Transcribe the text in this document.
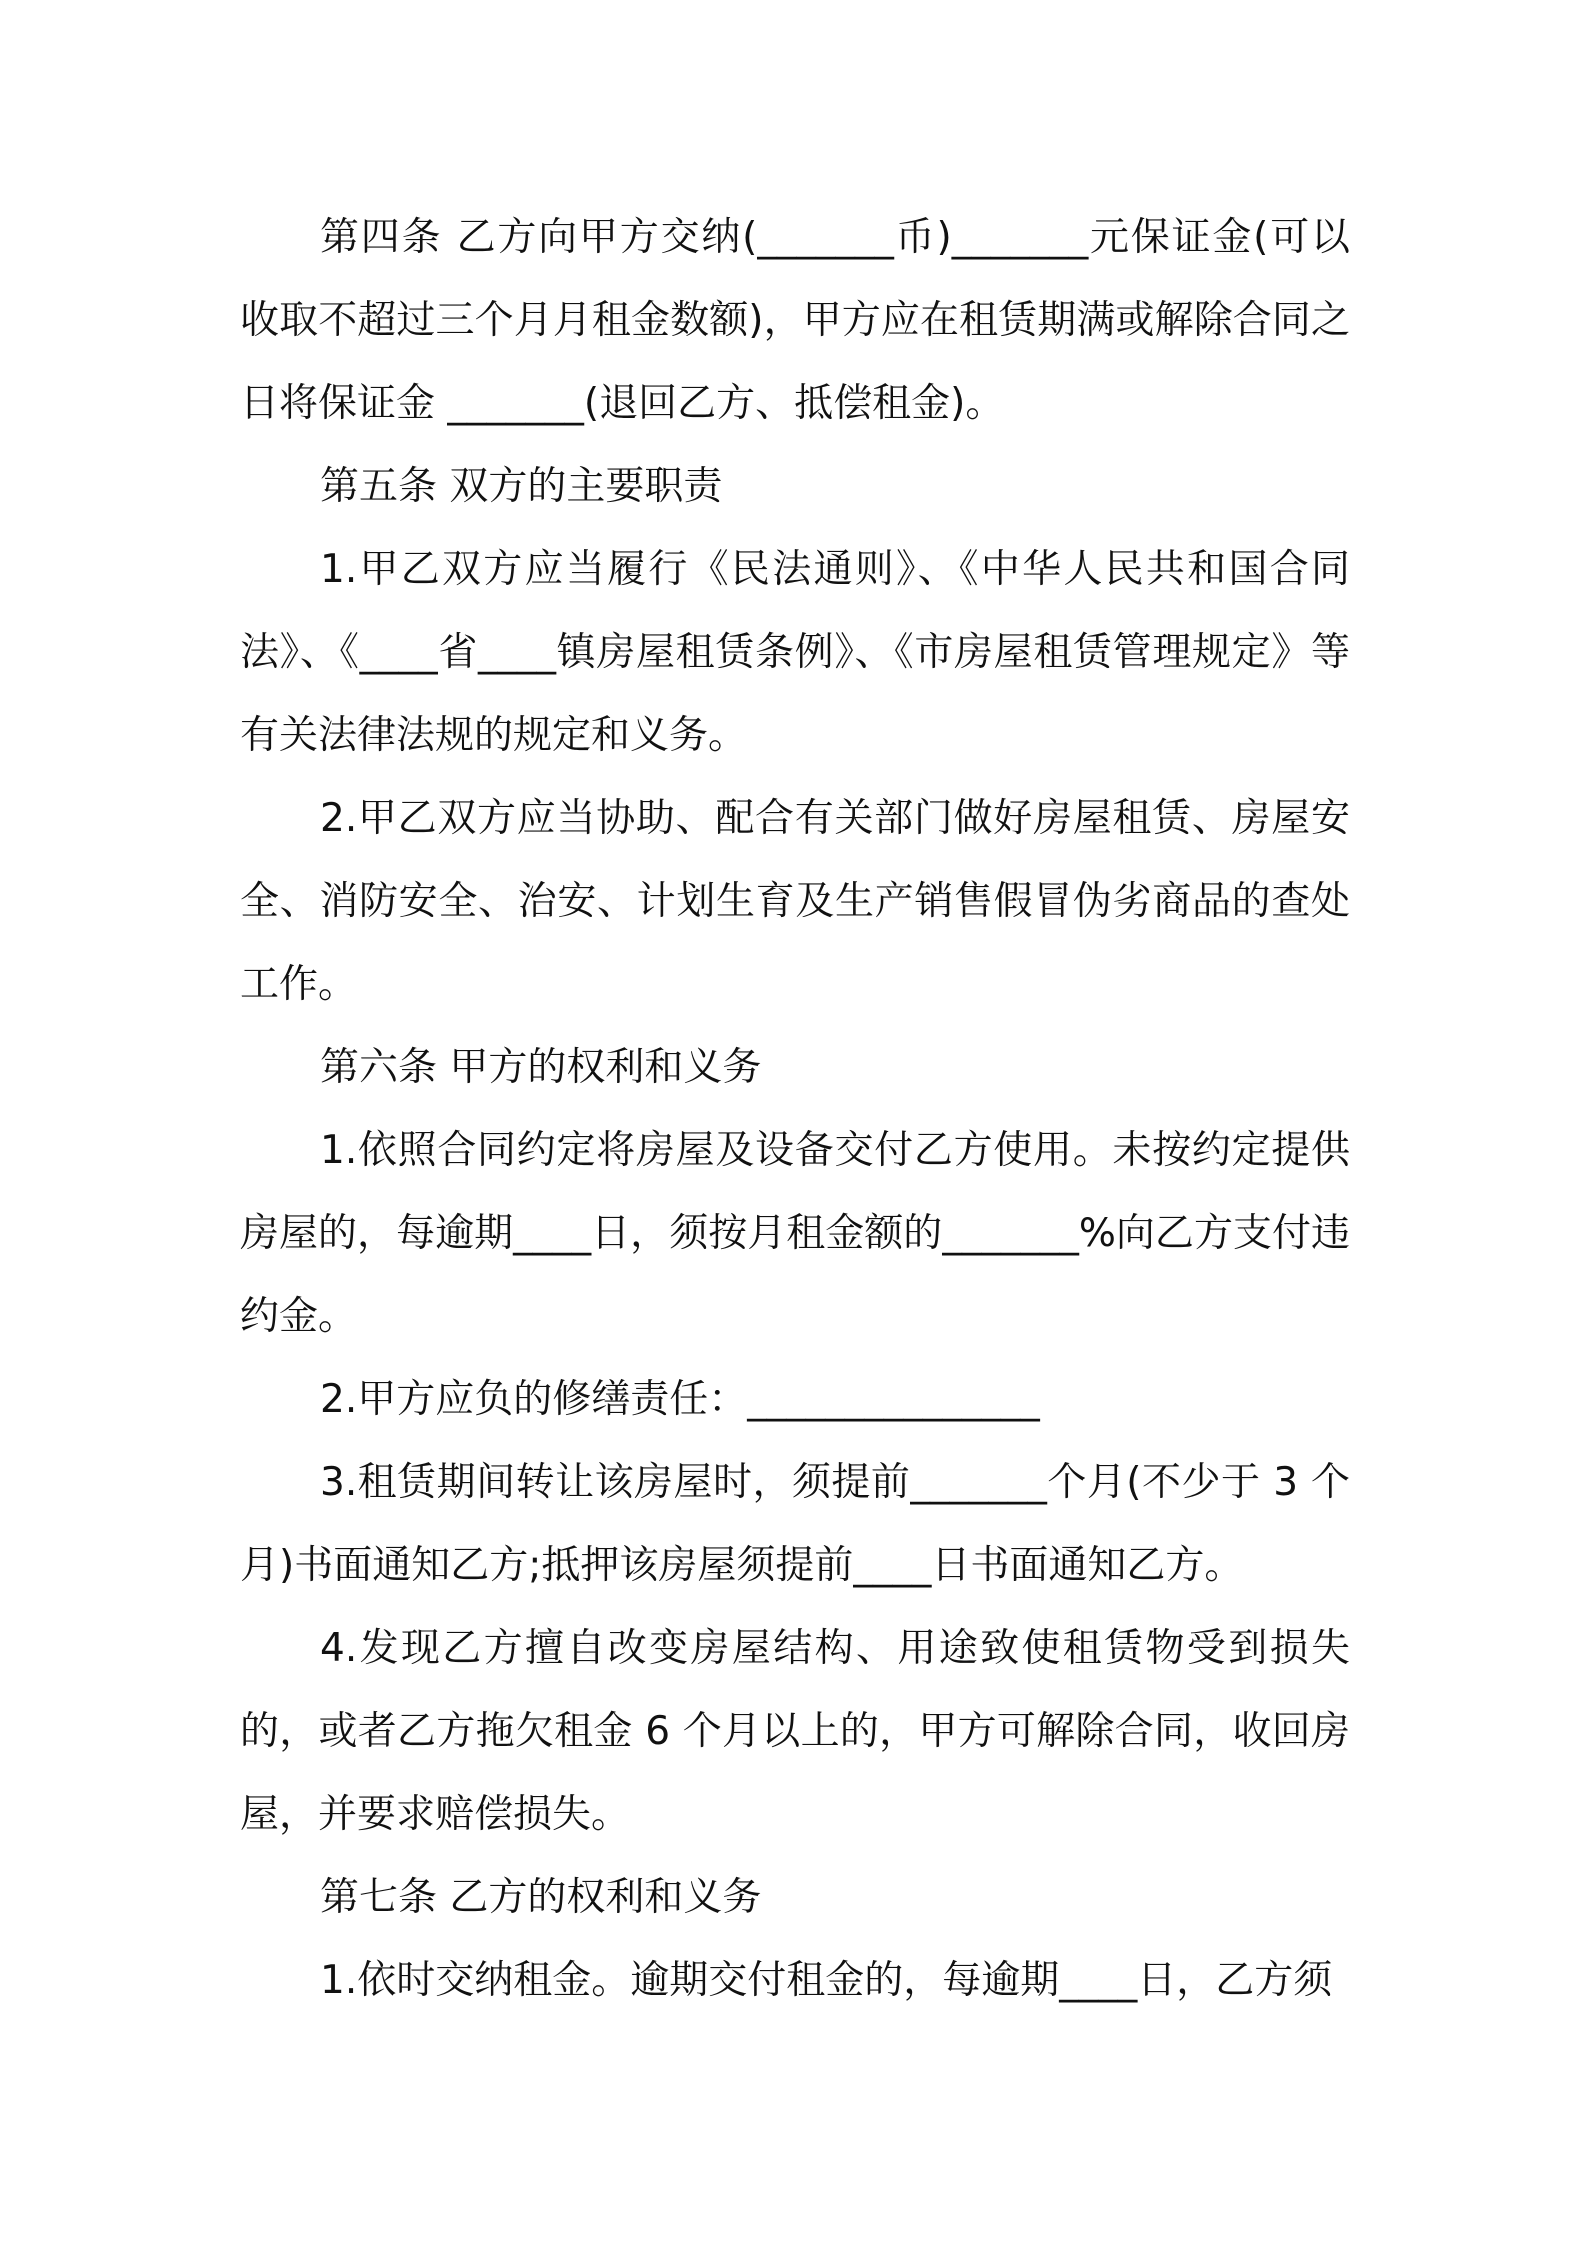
第四条 乙方向甲方交纳(_______币)_______元保证金(可以收取不超过三个月月租金数额)，甲方应在租赁期满或解除合同之日将保证金 _______(退回乙方、抵偿租金)。

第五条 双方的主要职责

1.甲乙双方应当履行《民法通则》、《中华人民共和国合同法》、《____省____镇房屋租赁条例》、《市房屋租赁管理规定》等有关法律法规的规定和义务。

2.甲乙双方应当协助、配合有关部门做好房屋租赁、房屋安全、消防安全、治安、计划生育及生产销售假冒伪劣商品的查处工作。

第六条 甲方的权利和义务

1.依照合同约定将房屋及设备交付乙方使用。未按约定提供房屋的，每逾期____日，须按月租金额的_______%向乙方支付违约金。

2.甲方应负的修缮责任：_______________

3.租赁期间转让该房屋时，须提前_______个月(不少于 3 个月)书面通知乙方;抵押该房屋须提前____日书面通知乙方。

4.发现乙方擅自改变房屋结构、用途致使租赁物受到损失的，或者乙方拖欠租金 6 个月以上的，甲方可解除合同，收回房屋，并要求赔偿损失。

第七条 乙方的权利和义务

1.依时交纳租金。逾期交付租金的，每逾期____日，乙方须
